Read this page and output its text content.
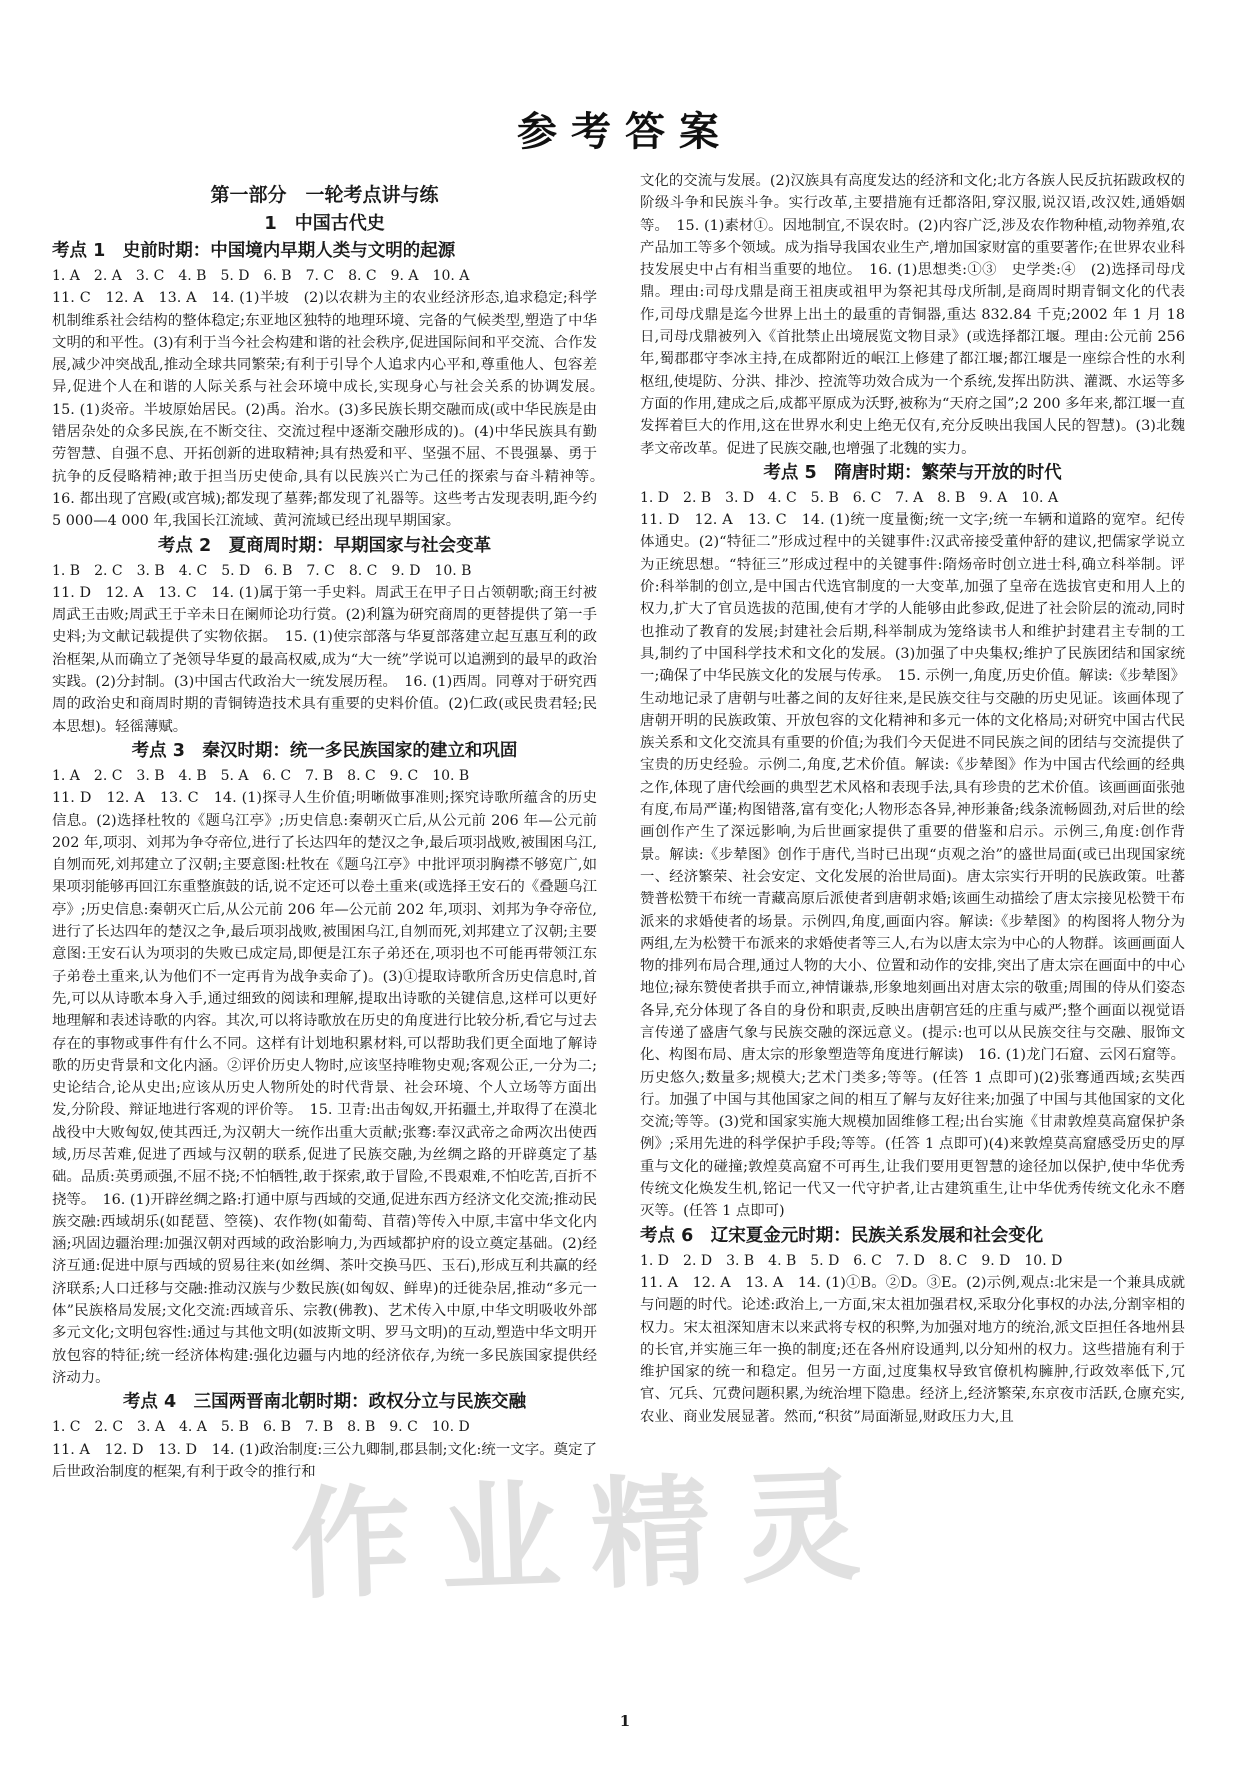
参考答案

第一部分　一轮考点讲与练

1　中国古代史

考点 1　史前时期：中国境内早期人类与文明的起源

1. A　2. A　3. C　4. B　5. D　6. B　7. C　8. C　9. A　10. A

11. C　12. A　13. A　14. (1)半坡　(2)以农耕为主的农业经济形态,追求稳定;科学机制维系社会结构的整体稳定;东亚地区独特的地理环境、完备的气候类型,塑造了中华文明的和平性。(3)有利于当今社会构建和谐的社会秩序,促进国际间和平交流、合作发展,减少冲突战乱,推动全球共同繁荣;有利于引导个人追求内心平和,尊重他人、包容差异,促进个人在和谐的人际关系与社会环境中成长,实现身心与社会关系的协调发展。　15. (1)炎帝。半坡原始居民。(2)禹。治水。(3)多民族长期交融而成(或中华民族是由错居杂处的众多民族,在不断交往、交流过程中逐渐交融形成的)。(4)中华民族具有勤劳智慧、自强不息、开拓创新的进取精神;具有热爱和平、坚强不屈、不畏强暴、勇于抗争的反侵略精神;敢于担当历史使命,具有以民族兴亡为己任的探索与奋斗精神等。　16. 都出现了宫殿(或宫城);都发现了墓葬;都发现了礼器等。这些考古发现表明,距今约 5 000—4 000 年,我国长江流域、黄河流域已经出现早期国家。

考点 2　夏商周时期：早期国家与社会变革

1. B　2. C　3. B　4. C　5. D　6. B　7. C　8. C　9. D　10. B

11. D　12. A　13. C　14. (1)属于第一手史料。周武王在甲子日占领朝歌;商王纣被周武王击败;周武王于辛未日在阑师论功行赏。(2)利簋为研究商周的更替提供了第一手史料;为文献记载提供了实物依据。　15. (1)使宗部落与华夏部落建立起互惠互利的政治框架,从而确立了尧领导华夏的最高权威,成为“大一统”学说可以追溯到的最早的政治实践。(2)分封制。(3)中国古代政治大一统发展历程。　16. (1)西周。同尊对于研究西周的政治史和商周时期的青铜铸造技术具有重要的史料价值。(2)仁政(或民贵君轻;民本思想)。轻徭薄赋。

考点 3　秦汉时期：统一多民族国家的建立和巩固

1. A　2. C　3. B　4. B　5. A　6. C　7. B　8. C　9. C　10. B

11. D　12. A　13. C　14. (1)探寻人生价值;明晰做事准则;探究诗歌所蕴含的历史信息。(2)选择杜牧的《题乌江亭》;历史信息:秦朝灭亡后,从公元前 206 年—公元前 202 年,项羽、刘邦为争夺帝位,进行了长达四年的楚汉之争,最后项羽战败,被围困乌江,自刎而死,刘邦建立了汉朝;主要意图:杜牧在《题乌江亭》中批评项羽胸襟不够宽广,如果项羽能够再回江东重整旗鼓的话,说不定还可以卷土重来(或选择王安石的《叠题乌江亭》;历史信息:秦朝灭亡后,从公元前 206 年—公元前 202 年,项羽、刘邦为争夺帝位,进行了长达四年的楚汉之争,最后项羽战败,被围困乌江,自刎而死,刘邦建立了汉朝;主要意图:王安石认为项羽的失败已成定局,即便是江东子弟还在,项羽也不可能再带领江东子弟卷土重来,认为他们不一定再肯为战争卖命了)。(3)①提取诗歌所含历史信息时,首先,可以从诗歌本身入手,通过细致的阅读和理解,提取出诗歌的关键信息,这样可以更好地理解和表述诗歌的内容。其次,可以将诗歌放在历史的角度进行比较分析,看它与过去存在的事物或事件有什么不同。这样有计划地积累材料,可以帮助我们更全面地了解诗歌的历史背景和文化内涵。②评价历史人物时,应该坚持唯物史观;客观公正,一分为二;史论结合,论从史出;应该从历史人物所处的时代背景、社会环境、个人立场等方面出发,分阶段、辩证地进行客观的评价等。　15. 卫青:出击匈奴,开拓疆土,并取得了在漠北战役中大败匈奴,使其西迁,为汉朝大一统作出重大贡献;张骞:奉汉武帝之命两次出使西域,历尽苦难,促进了西域与汉朝的联系,促进了民族交融,为丝绸之路的开辟奠定了基础。品质:英勇顽强,不屈不挠;不怕牺牲,敢于探索,敢于冒险,不畏艰难,不怕吃苦,百折不挠等。　16. (1)开辟丝绸之路:打通中原与西域的交通,促进东西方经济文化交流;推动民族交融:西域胡乐(如琵琶、箜篌)、农作物(如葡萄、苜蓿)等传入中原,丰富中华文化内涵;巩固边疆治理:加强汉朝对西域的政治影响力,为西域都护府的设立奠定基础。(2)经济互通:促进中原与西域的贸易往来(如丝绸、茶叶交换马匹、玉石),形成互利共赢的经济联系;人口迁移与交融:推动汉族与少数民族(如匈奴、鲜卑)的迁徙杂居,推动“多元一体”民族格局发展;文化交流:西域音乐、宗教(佛教)、艺术传入中原,中华文明吸收外部多元文化;文明包容性:通过与其他文明(如波斯文明、罗马文明)的互动,塑造中华文明开放包容的特征;统一经济体构建:强化边疆与内地的经济依存,为统一多民族国家提供经济动力。

考点 4　三国两晋南北朝时期：政权分立与民族交融

1. C　2. C　3. A　4. A　5. B　6. B　7. B　8. B　9. C　10. D

11. A　12. D　13. D　14. (1)政治制度:三公九卿制,郡县制;文化:统一文字。奠定了后世政治制度的框架,有利于政令的推行和

文化的交流与发展。(2)汉族具有高度发达的经济和文化;北方各族人民反抗拓跋政权的阶级斗争和民族斗争。实行改革,主要措施有迁都洛阳,穿汉服,说汉语,改汉姓,通婚姻等。　15. (1)素材①。因地制宜,不误农时。(2)内容广泛,涉及农作物种植,动物养殖,农产品加工等多个领域。成为指导我国农业生产,增加国家财富的重要著作;在世界农业科技发展史中占有相当重要的地位。　16. (1)思想类:①③　史学类:④　(2)选择司母戊鼎。理由:司母戊鼎是商王祖庚或祖甲为祭祀其母戊所制,是商周时期青铜文化的代表作,司母戊鼎是迄今世界上出土的最重的青铜器,重达 832.84 千克;2002 年 1 月 18 日,司母戊鼎被列入《首批禁止出境展览文物目录》(或选择都江堰。理由:公元前 256 年,蜀郡郡守李冰主持,在成都附近的岷江上修建了都江堰;都江堰是一座综合性的水利枢纽,使堤防、分洪、排沙、控流等功效合成为一个系统,发挥出防洪、灌溉、水运等多方面的作用,建成之后,成都平原成为沃野,被称为“天府之国”;2 200 多年来,都江堰一直发挥着巨大的作用,这在世界水利史上绝无仅有,充分反映出我国人民的智慧)。(3)北魏孝文帝改革。促进了民族交融,也增强了北魏的实力。

考点 5　隋唐时期：繁荣与开放的时代

1. D　2. B　3. D　4. C　5. B　6. C　7. A　8. B　9. A　10. A

11. D　12. A　13. C　14. (1)统一度量衡;统一文字;统一车辆和道路的宽窄。纪传体通史。(2)“特征二”形成过程中的关键事件:汉武帝接受董仲舒的建议,把儒家学说立为正统思想。“特征三”形成过程中的关键事件:隋炀帝时创立进士科,确立科举制。评价:科举制的创立,是中国古代选官制度的一大变革,加强了皇帝在选拔官吏和用人上的权力,扩大了官员选拔的范围,使有才学的人能够由此参政,促进了社会阶层的流动,同时也推动了教育的发展;封建社会后期,科举制成为笼络读书人和维护封建君主专制的工具,制约了中国科学技术和文化的发展。(3)加强了中央集权;维护了民族团结和国家统一;确保了中华民族文化的发展与传承。　15. 示例一,角度,历史价值。解读:《步辇图》生动地记录了唐朝与吐蕃之间的友好往来,是民族交往与交融的历史见证。该画体现了唐朝开明的民族政策、开放包容的文化精神和多元一体的文化格局;对研究中国古代民族关系和文化交流具有重要的价值;为我们今天促进不同民族之间的团结与交流提供了宝贵的历史经验。示例二,角度,艺术价值。解读:《步辇图》作为中国古代绘画的经典之作,体现了唐代绘画的典型艺术风格和表现手法,具有珍贵的艺术价值。该画画面张弛有度,布局严谨;构图错落,富有变化;人物形态各异,神形兼备;线条流畅圆劲,对后世的绘画创作产生了深远影响,为后世画家提供了重要的借鉴和启示。示例三,角度:创作背景。解读:《步辇图》创作于唐代,当时已出现“贞观之治”的盛世局面(或已出现国家统一、经济繁荣、社会安定、文化发展的治世局面)。唐太宗实行开明的民族政策。吐蕃赞普松赞干布统一青藏高原后派使者到唐朝求婚;该画生动描绘了唐太宗接见松赞干布派来的求婚使者的场景。示例四,角度,画面内容。解读:《步辇图》的构图将人物分为两组,左为松赞干布派来的求婚使者等三人,右为以唐太宗为中心的人物群。该画画面人物的排列布局合理,通过人物的大小、位置和动作的安排,突出了唐太宗在画面中的中心地位;禄东赞使者拱手而立,神情谦恭,形象地刻画出对唐太宗的敬重;周围的侍从们姿态各异,充分体现了各自的身份和职责,反映出唐朝宫廷的庄重与威严;整个画面以视觉语言传递了盛唐气象与民族交融的深远意义。(提示:也可以从民族交往与交融、服饰文化、构图布局、唐太宗的形象塑造等角度进行解读)　16. (1)龙门石窟、云冈石窟等。历史悠久;数量多;规模大;艺术门类多;等等。(任答 1 点即可)(2)张骞通西域;玄奘西行。加强了中国与其他国家之间的相互了解与友好往来;加强了中国与其他国家的文化交流;等等。(3)党和国家实施大规模加固维修工程;出台实施《甘肃敦煌莫高窟保护条例》;采用先进的科学保护手段;等等。(任答 1 点即可)(4)来敦煌莫高窟感受历史的厚重与文化的碰撞;敦煌莫高窟不可再生,让我们要用更智慧的途径加以保护,使中华优秀传统文化焕发生机,铭记一代又一代守护者,让古建筑重生,让中华优秀传统文化永不磨灭等。(任答 1 点即可)

考点 6　辽宋夏金元时期：民族关系发展和社会变化

1. D　2. D　3. B　4. B　5. D　6. C　7. D　8. C　9. D　10. D

11. A　12. A　13. A　14. (1)①B。②D。③E。(2)示例,观点:北宋是一个兼具成就与问题的时代。论述:政治上,一方面,宋太祖加强君权,采取分化事权的办法,分割宰相的权力。宋太祖深知唐末以来武将专权的积弊,为加强对地方的统治,派文臣担任各地州县的长官,并实施三年一换的制度;还在各州府设通判,以分知州的权力。这些措施有利于维护国家的统一和稳定。但另一方面,过度集权导致官僚机构臃肿,行政效率低下,冗官、冗兵、冗费问题积累,为统治埋下隐患。经济上,经济繁荣,东京夜市活跃,仓廪充实,农业、商业发展显著。然而,“积贫”局面渐显,财政压力大,且

作业精灵
1
